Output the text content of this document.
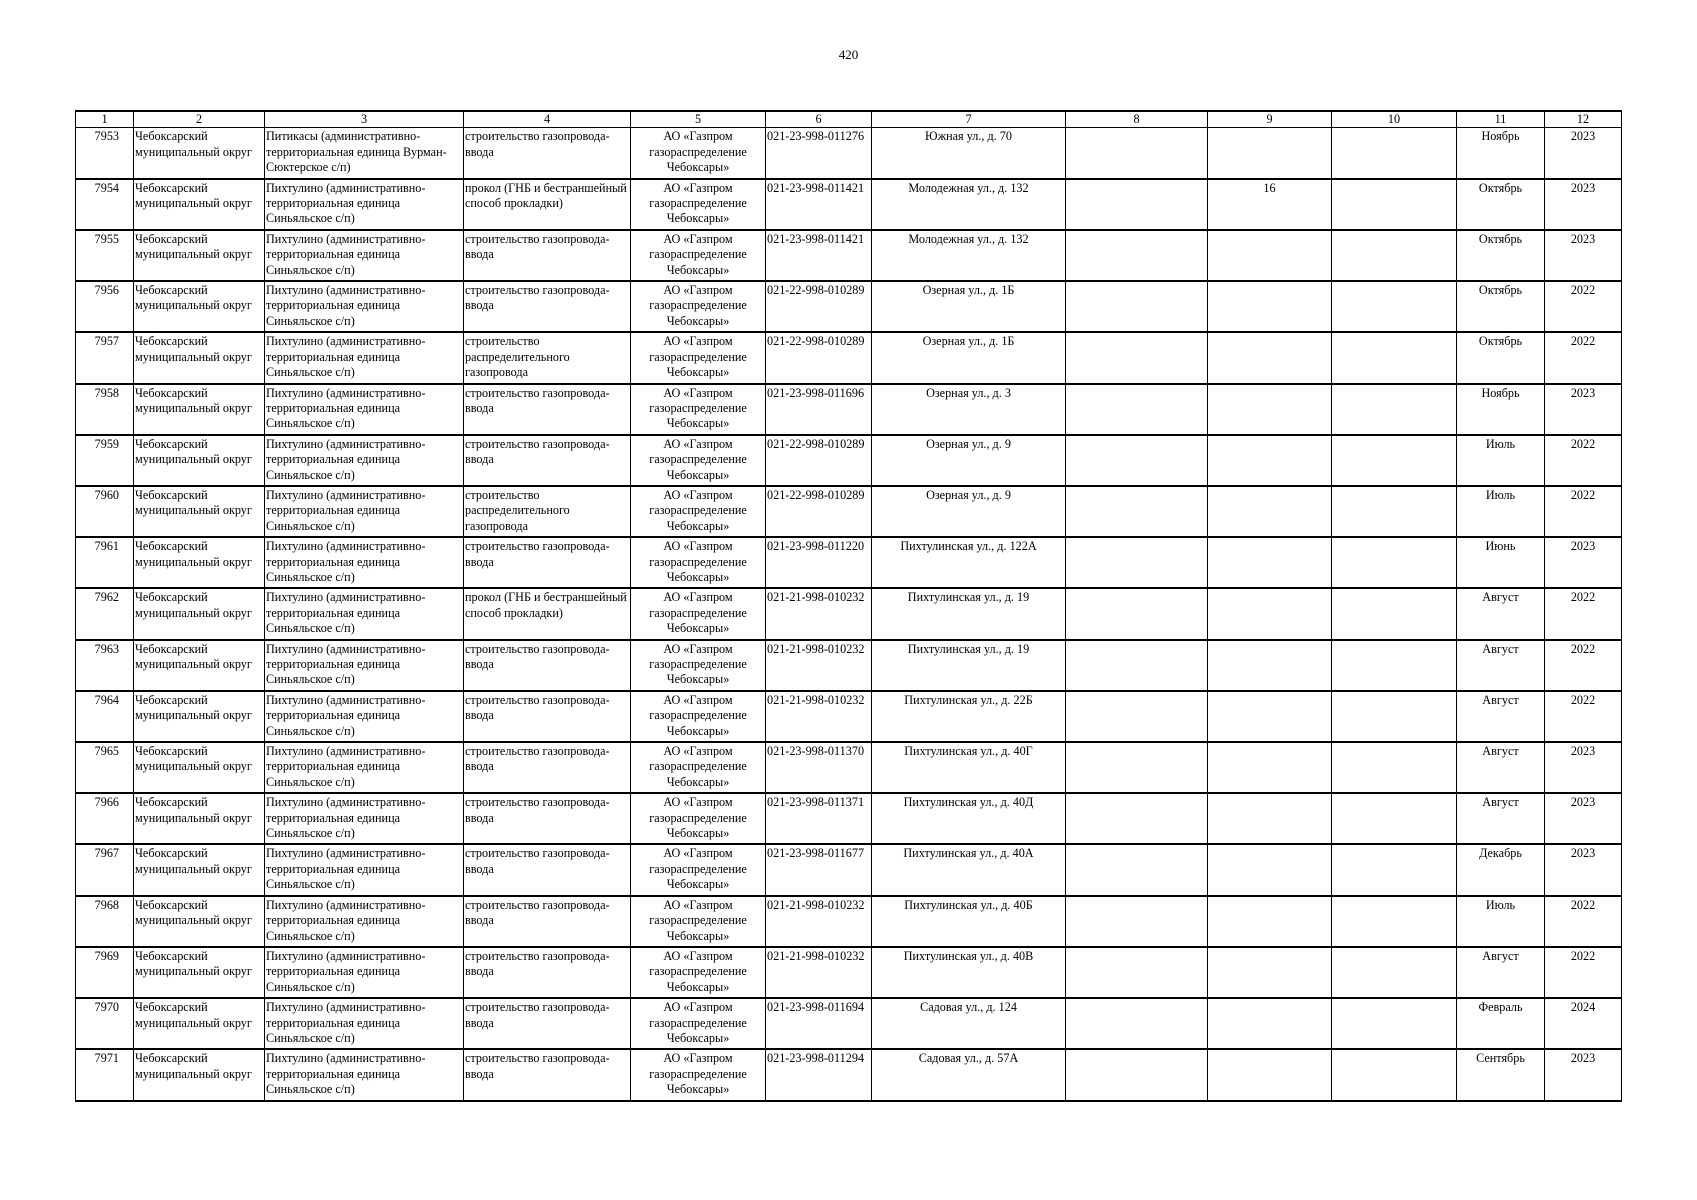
420
1	2	3	4	5	6	7	8	9	10	11	12
7953	Чебоксарский муниципальный округ	Питикасы (административно-территориальная единица Вурман-Сюктерское с/п)	строительство газопровода-ввода	АО «Газпром газораспределение Чебоксары»	021-23-998-011276	Южная ул., д. 70				Ноябрь	2023
7954	Чебоксарский муниципальный округ	Пихтулино (административно-территориальная единица Синьяльское с/п)	прокол (ГНБ и бестраншейный способ прокладки)	АО «Газпром газораспределение Чебоксары»	021-23-998-011421	Молодежная ул., д. 132		16		Октябрь	2023
7955	Чебоксарский муниципальный округ	Пихтулино (административно-территориальная единица Синьяльское с/п)	строительство газопровода-ввода	АО «Газпром газораспределение Чебоксары»	021-23-998-011421	Молодежная ул., д. 132				Октябрь	2023
7956	Чебоксарский муниципальный округ	Пихтулино (административно-территориальная единица Синьяльское с/п)	строительство газопровода-ввода	АО «Газпром газораспределение Чебоксары»	021-22-998-010289	Озерная ул., д. 1Б				Октябрь	2022
7957	Чебоксарский муниципальный округ	Пихтулино (административно-территориальная единица Синьяльское с/п)	строительство распределительного газопровода	АО «Газпром газораспределение Чебоксары»	021-22-998-010289	Озерная ул., д. 1Б				Октябрь	2022
7958	Чебоксарский муниципальный округ	Пихтулино (административно-территориальная единица Синьяльское с/п)	строительство газопровода-ввода	АО «Газпром газораспределение Чебоксары»	021-23-998-011696	Озерная ул., д. 3				Ноябрь	2023
7959	Чебоксарский муниципальный округ	Пихтулино (административно-территориальная единица Синьяльское с/п)	строительство газопровода-ввода	АО «Газпром газораспределение Чебоксары»	021-22-998-010289	Озерная ул., д. 9				Июль	2022
7960	Чебоксарский муниципальный округ	Пихтулино (административно-территориальная единица Синьяльское с/п)	строительство распределительного газопровода	АО «Газпром газораспределение Чебоксары»	021-22-998-010289	Озерная ул., д. 9				Июль	2022
7961	Чебоксарский муниципальный округ	Пихтулино (административно-территориальная единица Синьяльское с/п)	строительство газопровода-ввода	АО «Газпром газораспределение Чебоксары»	021-23-998-011220	Пихтулинская ул., д. 122А				Июнь	2023
7962	Чебоксарский муниципальный округ	Пихтулино (административно-территориальная единица Синьяльское с/п)	прокол (ГНБ и бестраншейный способ прокладки)	АО «Газпром газораспределение Чебоксары»	021-21-998-010232	Пихтулинская ул., д. 19				Август	2022
7963	Чебоксарский муниципальный округ	Пихтулино (административно-территориальная единица Синьяльское с/п)	строительство газопровода-ввода	АО «Газпром газораспределение Чебоксары»	021-21-998-010232	Пихтулинская ул., д. 19				Август	2022
7964	Чебоксарский муниципальный округ	Пихтулино (административно-территориальная единица Синьяльское с/п)	строительство газопровода-ввода	АО «Газпром газораспределение Чебоксары»	021-21-998-010232	Пихтулинская ул., д. 22Б				Август	2022
7965	Чебоксарский муниципальный округ	Пихтулино (административно-территориальная единица Синьяльское с/п)	строительство газопровода-ввода	АО «Газпром газораспределение Чебоксары»	021-23-998-011370	Пихтулинская ул., д. 40Г				Август	2023
7966	Чебоксарский муниципальный округ	Пихтулино (административно-территориальная единица Синьяльское с/п)	строительство газопровода-ввода	АО «Газпром газораспределение Чебоксары»	021-23-998-011371	Пихтулинская ул., д. 40Д				Август	2023
7967	Чебоксарский муниципальный округ	Пихтулино (административно-территориальная единица Синьяльское с/п)	строительство газопровода-ввода	АО «Газпром газораспределение Чебоксары»	021-23-998-011677	Пихтулинская ул., д. 40А				Декабрь	2023
7968	Чебоксарский муниципальный округ	Пихтулино (административно-территориальная единица Синьяльское с/п)	строительство газопровода-ввода	АО «Газпром газораспределение Чебоксары»	021-21-998-010232	Пихтулинская ул., д. 40Б				Июль	2022
7969	Чебоксарский муниципальный округ	Пихтулино (административно-территориальная единица Синьяльское с/п)	строительство газопровода-ввода	АО «Газпром газораспределение Чебоксары»	021-21-998-010232	Пихтулинская ул., д. 40В				Август	2022
7970	Чебоксарский муниципальный округ	Пихтулино (административно-территориальная единица Синьяльское с/п)	строительство газопровода-ввода	АО «Газпром газораспределение Чебоксары»	021-23-998-011694	Садовая ул., д. 124				Февраль	2024
7971	Чебоксарский муниципальный округ	Пихтулино (административно-территориальная единица Синьяльское с/п)	строительство газопровода-ввода	АО «Газпром газораспределение Чебоксары»	021-23-998-011294	Садовая ул., д. 57А				Сентябрь	2023
